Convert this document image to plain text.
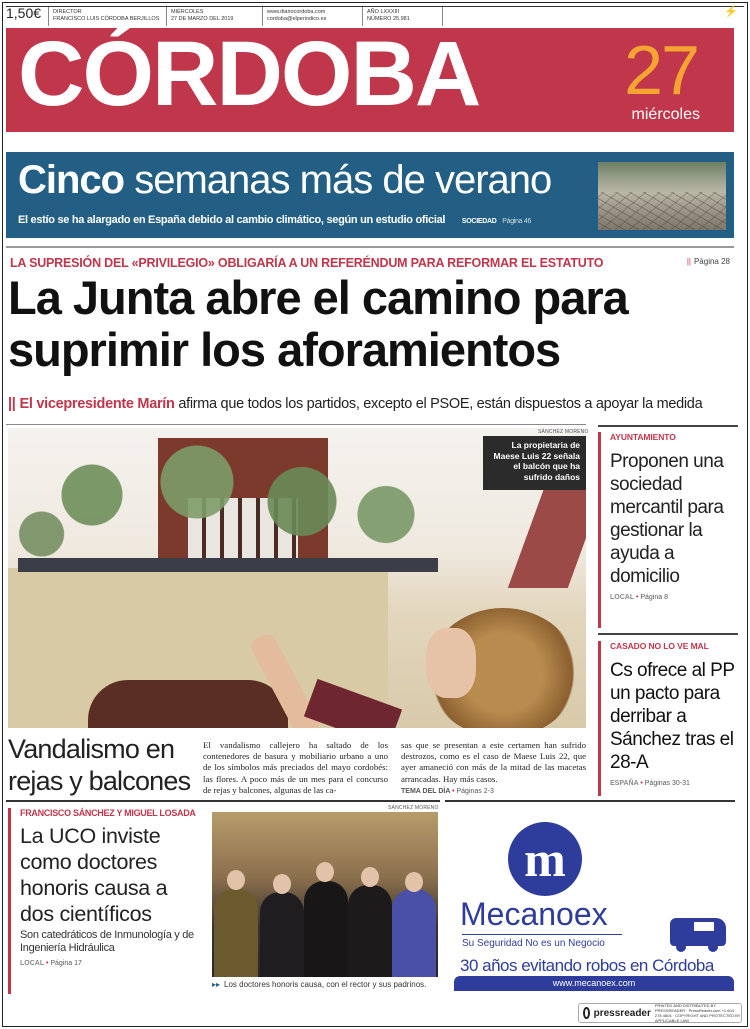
1,50€	DIRECTOR
FRANCISCO LUIS CÓRDOBA BERJILLOS
MIÉRCOLES
27 DE MARZO DEL 2019
www.diariocordoba.com
cordoba@elperiodico.es
AÑO LXXXIII
NÚMERO 25.981
⚡
CÓRDOBA 27
miércoles
Cinco semanas más de verano
El estío se ha alargado en España debido al cambio climático, según un estudio oficial SOCIEDAD Página 46
LA SUPRESIÓN DEL «PRIVILEGIO» OBLIGARÍA A UN REFERÉNDUM PARA REFORMAR EL ESTATUTO	|| Página 28
La Junta abre el camino para suprimir los aforamientos
|| El vicepresidente Marín afirma que todos los partidos, excepto el PSOE, están dispuestos a apoyar la medida
SÁNCHEZ MORENO
La propietaria de Maese Luis 22 señala el balcón que ha sufrido daños
Vandalismo en rejas y balcones
El vandalismo callejero ha saltado de los contenedores de basura y mobiliario urbano a uno de los símbolos más preciados del mayo cordobés: las flores. A poco más de un mes para el concurso de rejas y balcones, algunas de las ca-
sas que se presentan a este certamen han sufrido destrozos, como es el caso de Maese Luis 22, que ayer amaneció con más de la mitad de las macetas arrancadas. Hay más casos.
TEMA DEL DÍA • Páginas 2-3
AYUNTAMIENTO
Proponen una sociedad mercantil para gestionar la ayuda a domicilio
LOCAL • Página 8
CASADO NO LO VE MAL
Cs ofrece al PP un pacto para derribar a Sánchez tras el 28-A
ESPAÑA • Páginas 30-31
FRANCISCO SÁNCHEZ Y MIGUEL LOSADA
La UCO inviste como doctores honoris causa a dos científicos
Son catedráticos de Inmunología y de Ingeniería Hidráulica
LOCAL • Página 17
SÁNCHEZ MORENO
▸▸ Los doctores honoris causa, con el rector y sus padrinos.
m
Mecanoex
Su Seguridad No es un Negocio
30 años evitando robos en Córdoba
www.mecanoex.com
pressreader
PRINTED AND DISTRIBUTED BY PRESSREADER · PressReader.com +1 604 278 4604 · COPYRIGHT AND PROTECTED BY APPLICABLE LAW
